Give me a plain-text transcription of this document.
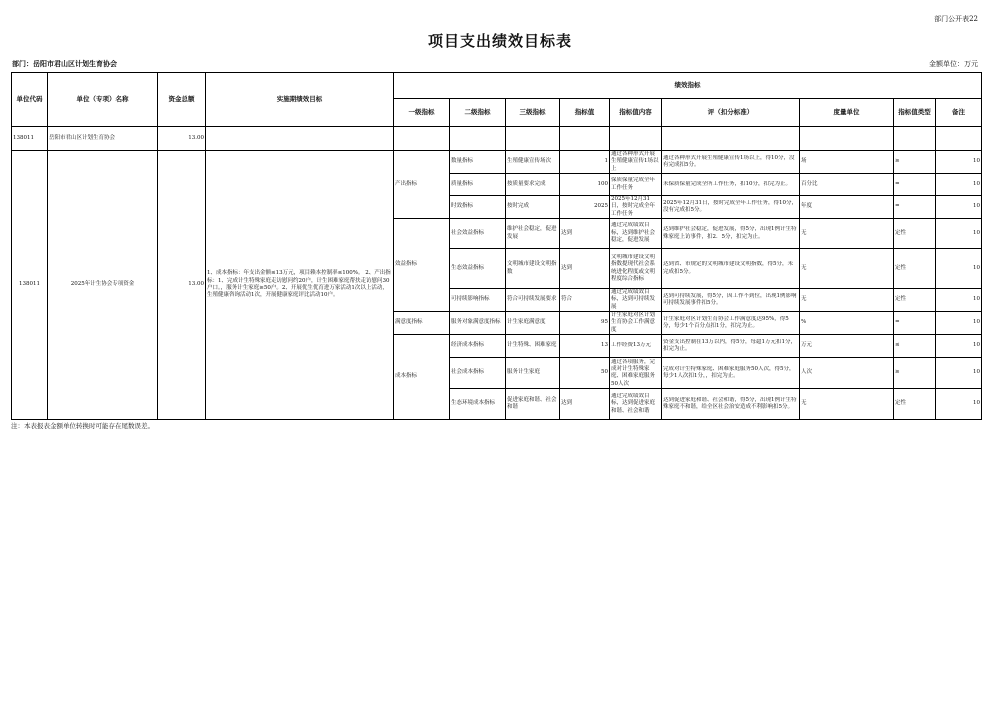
部门公开表22
项目支出绩效目标表
部门：岳阳市君山区计划生育协会	金额单位：万元
单位代码	单位（专项）名称	资金总额	实施期绩效目标	绩效指标								
				一级指标	二级指标	三级指标	指标值	指标值内容	评（扣分标准）	度量单位	指标值类型	备注
138011	岳阳市君山区计划生育协会	13.00										
138011	2025年计生协会专项资金	13.00	1、成本指标：年支出金额≤13万元，项目赖本控制率≤100%。 2、产出指标：1、完成计生特殊家庭走访慰问约20户，计生困难家庭帮扶走访慰问30户口。，服务计生家庭≥50户。2、开展优生优育进万家活动1次以上活动，生殖健康咨询活动1次，开展健康家庭评比活动10户。	产出指标	数量指标	生殖健康宣传场次	1	通过各种形式开展生殖健康宣传1场以上	通过各种形式开展生殖健康宣传1场以上，得10分，没有完成扣5分。	场	≥	10
					质量指标	按质量要求完成	100	保质保量完成全年工作任务	未保质保量完成全所工作任务，扣10分，扣完为止。	百分比	=	10
					时效指标	按时完成	2025	2025年12月31日，按时完成全年工作任务	2025年12月31日，按时完成全年工作任务，得10分，没有完成扣5分。	年度	=	10
				效益指标	社会效益指标	维护社会稳定，促进发展	达到	通过完成绩效目标，达到维护社会稳定，促进发展	达到维护社会稳定，促进发展，得5分，出现1例计生特殊家庭上访事件，扣2．5分，扣完为止。	无	定性	10
					生态效益指标	文明城市建设文明指数	达到	文明城市建设文明指数提现代社会系统进化程度或文明程度综合指标	达到省、市规定的文明城市建设文明指数，得5分，未完成扣5分。	无	定性	10
					可持续影响指标	符合可持续发展要求	符合	通过完成绩效目标，达到可持续发展	达到可持续发展，得5分，因工作不到位，出现1例影响可持续发展事件扣5分。	无	定性	10
				满意度指标	服务对象满意度指标	计生家庭满意度	95	计生家庭对区计划生育协会工作满意度	计生家庭对区计划生育协会工作满意度达95%，得5分，每少1个百分点扣1分，扣完为止。	%	=	10
				成本指标	经济成本指标	计生特殊、困难家庭	13	工作经费13万元	资金支出控制在13万以内，得5分，每超1万元扣1分，扣完为止。	万元	≤	10
					社会成本指标	服务计生家庭	50	通过各项服务，完成对计生特殊家庭、困难家庭服务50人次	完成对计生特殊家庭、困难家庭服务50人次，得5分，每少1人次扣1分，，扣完为止。	人次	≥	10
					生态环境成本指标	促进家庭和谐、社会和谐	达到	通过完成绩效目标，达到促进家庭和谐、社会和谐	达到促进家庭和谐、社会和谐，得5分，出现1例计生特殊家庭不和谐，给全区社会治安造成不利影响扣5分。	无	定性	10
注：本表报表金额单位转换时可能存在尾数误差。
